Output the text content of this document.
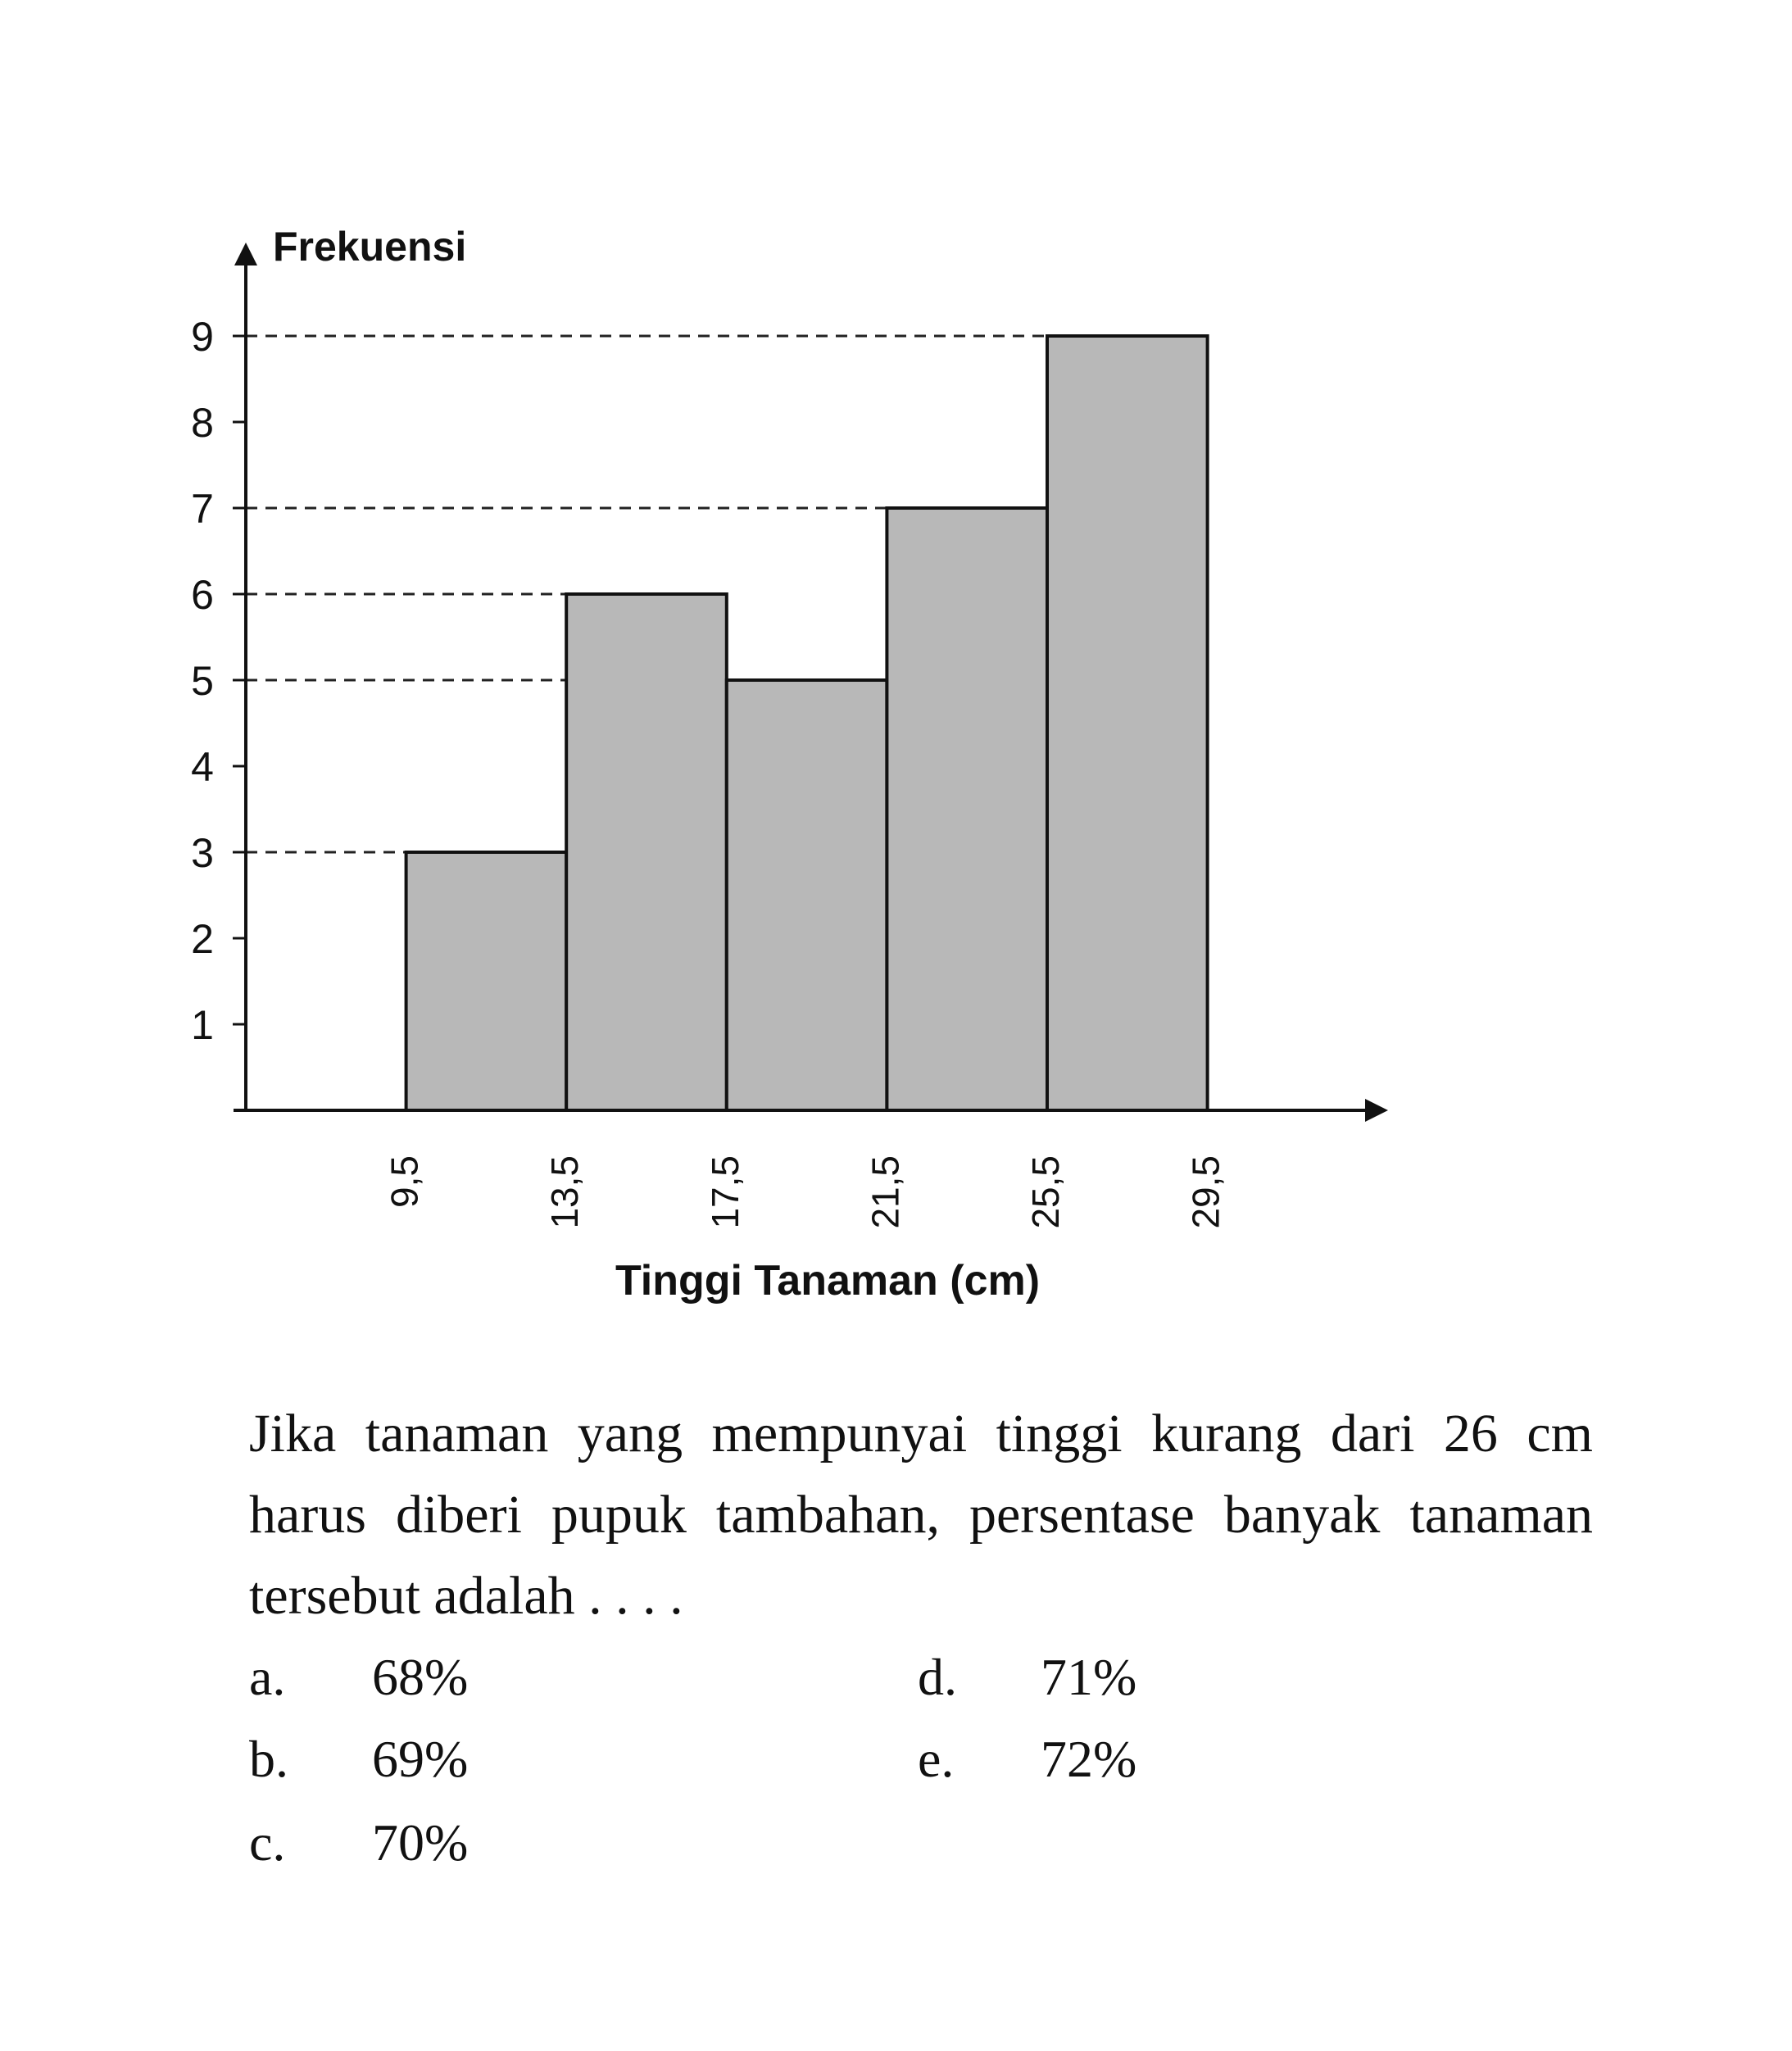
1
2
3
4
5
6
7
8
9
9,5	13,5	17,5	21,5	25,5	29,5
Frekuensi
Tinggi Tanaman (cm)

Jika tanaman yang mempunyai tinggi kurang dari 26 cm harus diberi pupuk tambahan, persentase banyak tanaman tersebut adalah . . . .

a. 68%
b. 69%
c. 70%
d. 71%
e. 72%
